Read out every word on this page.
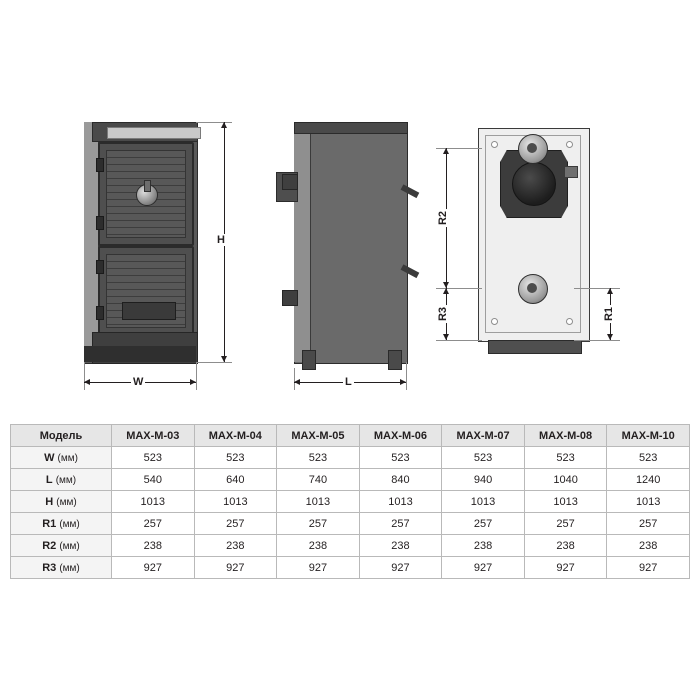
H
W	L
R2
R3	R1
Модель	MAX-M-03	MAX-M-04	MAX-M-05	MAX-M-06	MAX-M-07	MAX-M-08	MAX-M-10
W (мм)	523	523	523	523	523	523	523
L (мм)	540	640	740	840	940	1040	1240
H (мм)	1013	1013	1013	1013	1013	1013	1013
R1 (мм)	257	257	257	257	257	257	257
R2 (мм)	238	238	238	238	238	238	238
R3 (мм)	927	927	927	927	927	927	927
